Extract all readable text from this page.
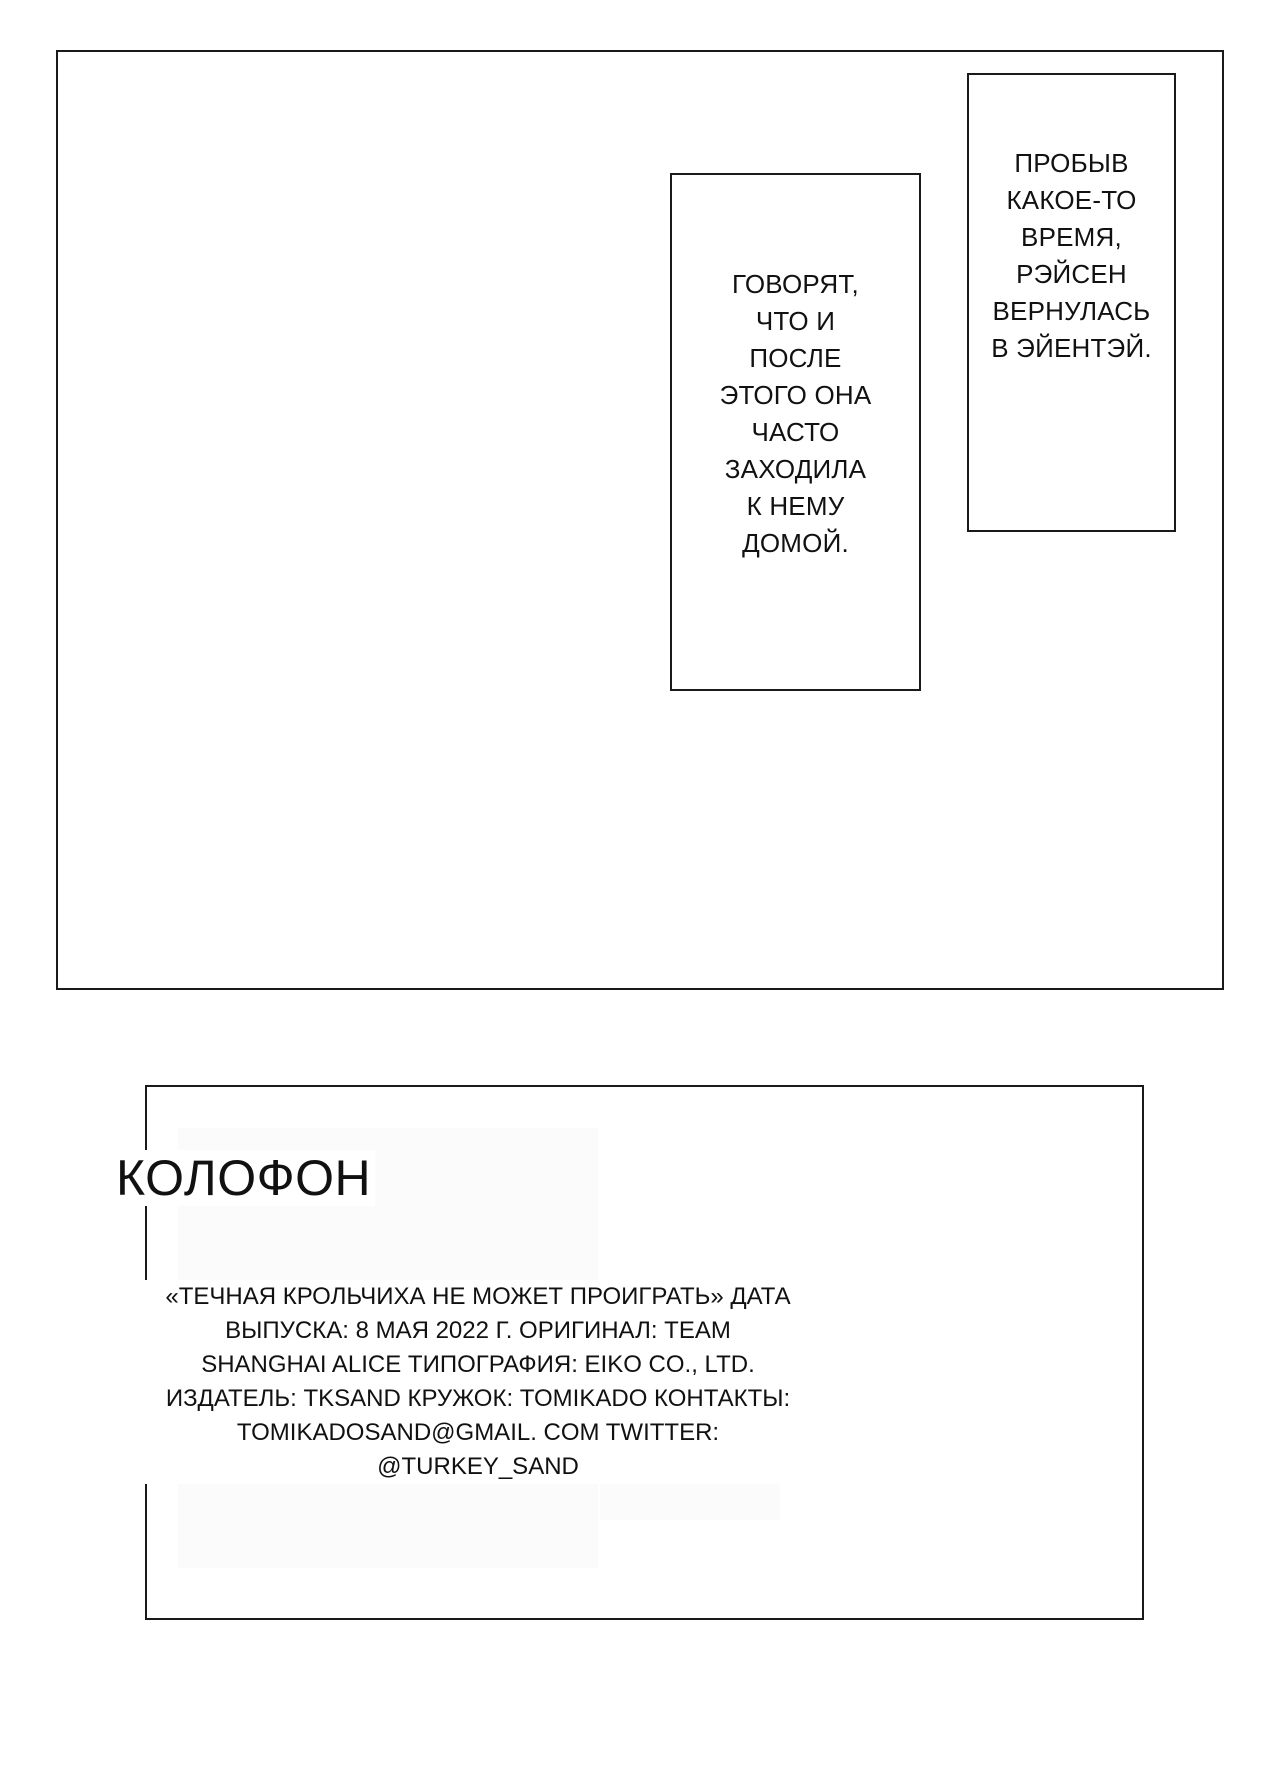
ГОВОРЯТ,
ЧТО И
ПОСЛЕ
ЭТОГО ОНА
ЧАСТО
ЗАХОДИЛА
К НЕМУ
ДОМОЙ.
ПРОБЫВ
КАКОЕ-ТО
ВРЕМЯ,
РЭЙСЕН
ВЕРНУЛАСЬ
В ЭЙЕНТЭЙ.
КОЛОФОН
«ТЕЧНАЯ КРОЛЬЧИХА НЕ МОЖЕТ ПРОИГРАТЬ» ДАТА
ВЫПУСКА: 8 МАЯ 2022 Г. ОРИГИНАЛ: TEAM
SHANGHAI ALICE ТИПОГРАФИЯ: EIKO CO., LTD.
ИЗДАТЕЛЬ: TKSAND КРУЖОК: TOMIKADO КОНТАКТЫ:
TOMIKADOSAND@GMAIL. COM TWITTER:
@TURKEY_SAND
